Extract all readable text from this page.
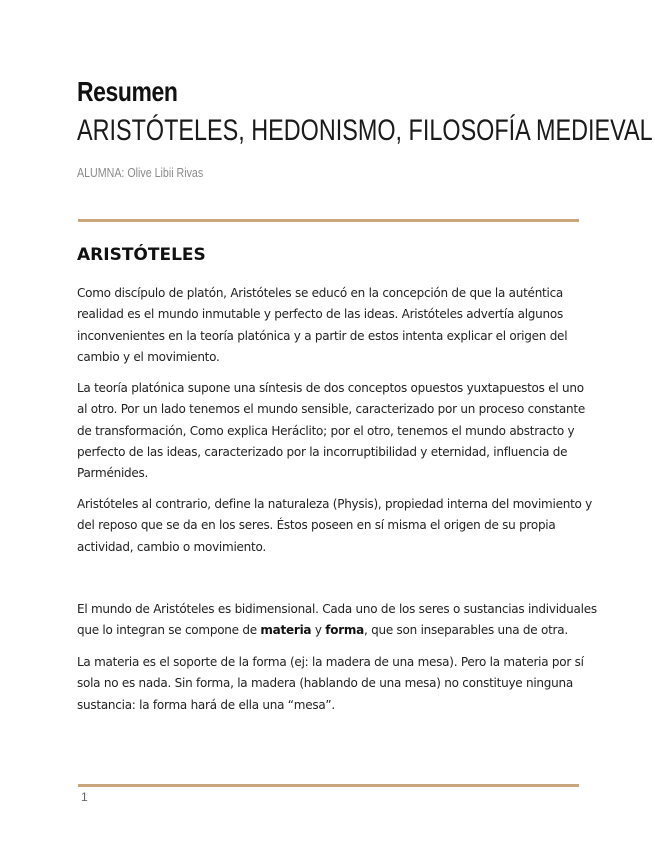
Resumen
ARISTÓTELES, HEDONISMO, FILOSOFÍA MEDIEVAL
ALUMNA: Olive Libii Rivas
ARISTÓTELES

Como discípulo de platón, Aristóteles se educó en la concepción de que la auténtica realidad es el mundo inmutable y perfecto de las ideas. Aristóteles advertía algunos inconvenientes en la teoría platónica y a partir de estos intenta explicar el origen del cambio y el movimiento.

La teoría platónica supone una síntesis de dos conceptos opuestos yuxtapuestos el uno al otro. Por un lado tenemos el mundo sensible, caracterizado por un proceso constante de transformación, Como explica Heráclito; por el otro, tenemos el mundo abstracto y perfecto de las ideas, caracterizado por la incorruptibilidad y eternidad, influencia de Parménides.

Aristóteles al contrario, define la naturaleza (Physis), propiedad interna del movimiento y del reposo que se da en los seres. Éstos poseen en sí misma el origen de su propia actividad, cambio o movimiento.

El mundo de Aristóteles es bidimensional. Cada uno de los seres o sustancias individuales que lo integran se compone de materia y forma, que son inseparables una de otra.

La materia es el soporte de la forma (ej: la madera de una mesa). Pero la materia por sí sola no es nada. Sin forma, la madera (hablando de una mesa) no constituye ninguna sustancia: la forma hará de ella una “mesa”.

1
